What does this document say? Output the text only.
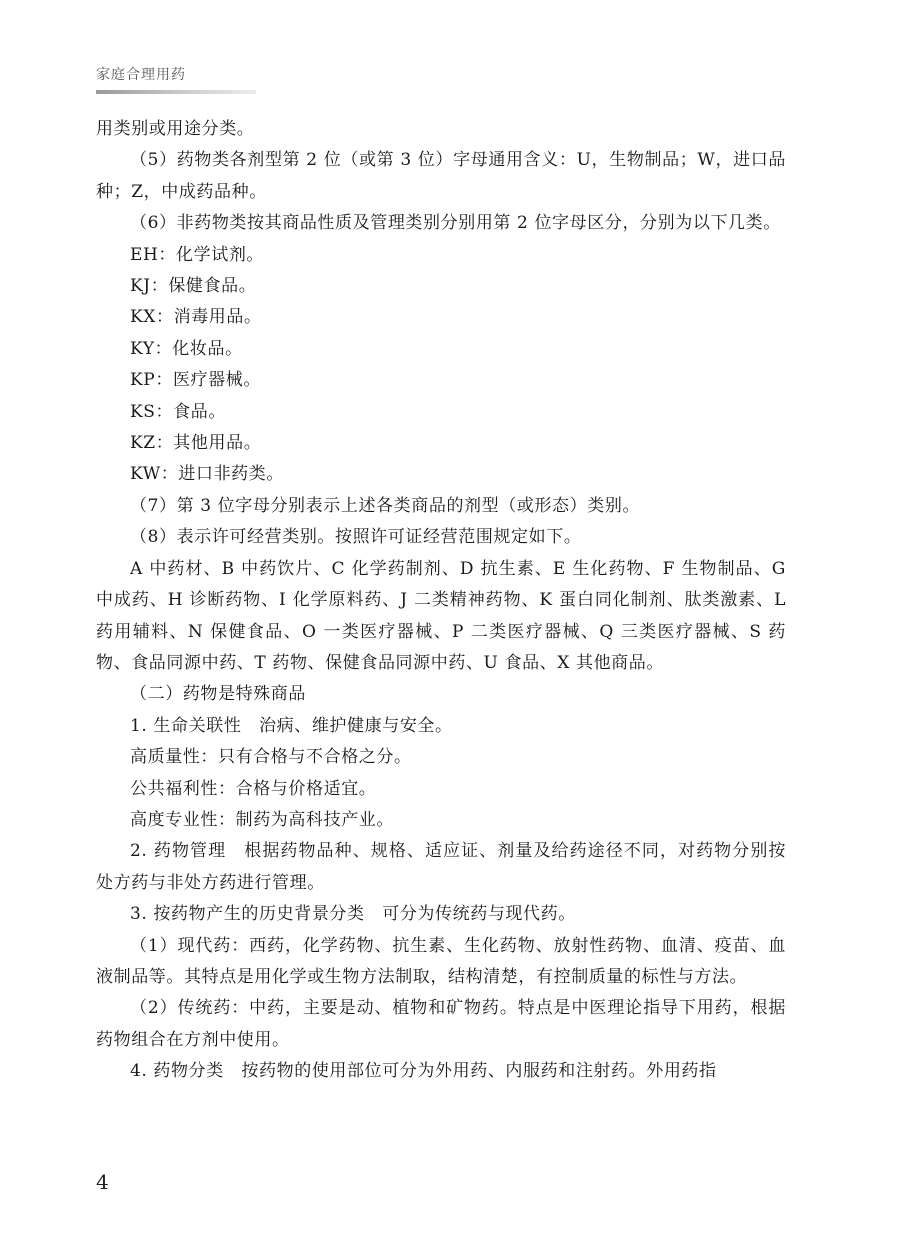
家庭合理用药

用类别或用途分类。

（5）药物类各剂型第 2 位（或第 3 位）字母通用含义：U，生物制品；W，进口品种；Z，中成药品种。

（6）非药物类按其商品性质及管理类别分别用第 2 位字母区分，分别为以下几类。

EH：化学试剂。

KJ：保健食品。

KX：消毒用品。

KY：化妆品。

KP：医疗器械。

KS：食品。

KZ：其他用品。

KW：进口非药类。

（7）第 3 位字母分别表示上述各类商品的剂型（或形态）类别。

（8）表示许可经营类别。按照许可证经营范围规定如下。

A 中药材、B 中药饮片、C 化学药制剂、D 抗生素、E 生化药物、F 生物制品、G 中成药、H 诊断药物、I 化学原料药、J 二类精神药物、K 蛋白同化制剂、肽类激素、L 药用辅料、N 保健食品、O 一类医疗器械、P 二类医疗器械、Q 三类医疗器械、S 药物、食品同源中药、T 药物、保健食品同源中药、U 食品、X 其他商品。

（二）药物是特殊商品

1. 生命关联性　治病、维护健康与安全。

高质量性：只有合格与不合格之分。

公共福利性：合格与价格适宜。

高度专业性：制药为高科技产业。

2. 药物管理　根据药物品种、规格、适应证、剂量及给药途径不同，对药物分别按处方药与非处方药进行管理。

3. 按药物产生的历史背景分类　可分为传统药与现代药。

（1）现代药：西药，化学药物、抗生素、生化药物、放射性药物、血清、疫苗、血液制品等。其特点是用化学或生物方法制取，结构清楚，有控制质量的标性与方法。

（2）传统药：中药，主要是动、植物和矿物药。特点是中医理论指导下用药，根据药物组合在方剂中使用。

4. 药物分类　按药物的使用部位可分为外用药、内服药和注射药。外用药指

4
